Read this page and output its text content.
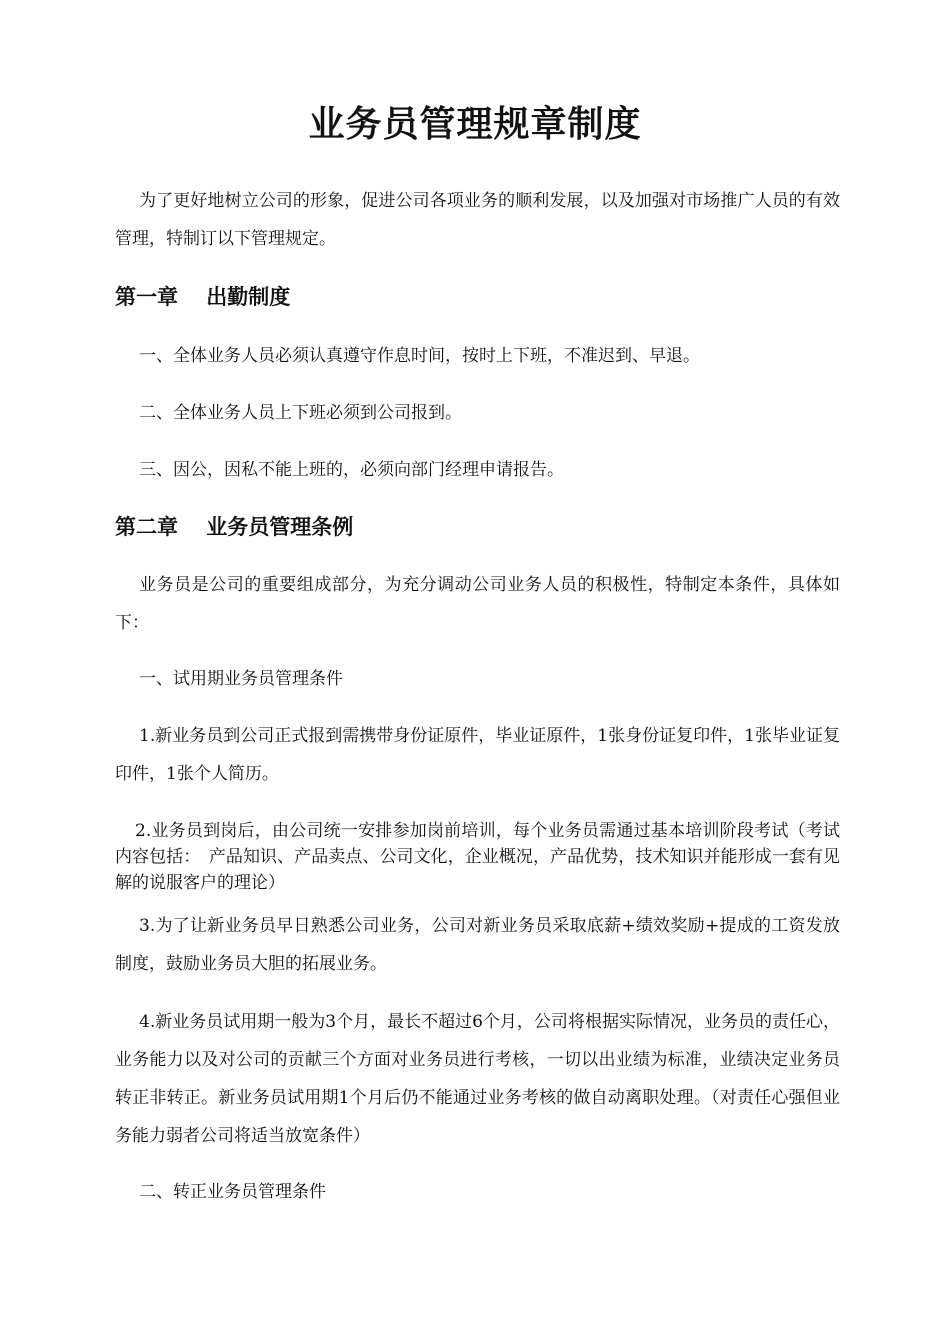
业务员管理规章制度

为了更好地树立公司的形象，促进公司各项业务的顺利发展，以及加强对市场推广人员的有效管理，特制订以下管理规定。

第一章　 出勤制度

一、全体业务人员必须认真遵守作息时间，按时上下班，不准迟到、早退。

二、全体业务人员上下班必须到公司报到。

三、因公，因私不能上班的，必须向部门经理申请报告。

第二章　 业务员管理条例

业务员是公司的重要组成部分，为充分调动公司业务人员的积极性，特制定本条件，具体如下：

一、试用期业务员管理条件

1.新业务员到公司正式报到需携带身份证原件，毕业证原件，1张身份证复印件，1张毕业证复印件，1张个人简历。

2.业务员到岗后，由公司统一安排参加岗前培训，每个业务员需通过基本培训阶段考试（考试内容包括：　产品知识、产品卖点、公司文化，企业概况，产品优势，技术知识并能形成一套有见解的说服客户的理论）

3.为了让新业务员早日熟悉公司业务，公司对新业务员采取底薪+绩效奖励+提成的工资发放制度，鼓励业务员大胆的拓展业务。

4.新业务员试用期一般为3个月，最长不超过6个月，公司将根据实际情况，业务员的责任心，业务能力以及对公司的贡献三个方面对业务员进行考核，一切以出业绩为标准，业绩决定业务员转正非转正。新业务员试用期1个月后仍不能通过业务考核的做自动离职处理。（对责任心强但业务能力弱者公司将适当放宽条件）

二、转正业务员管理条件
